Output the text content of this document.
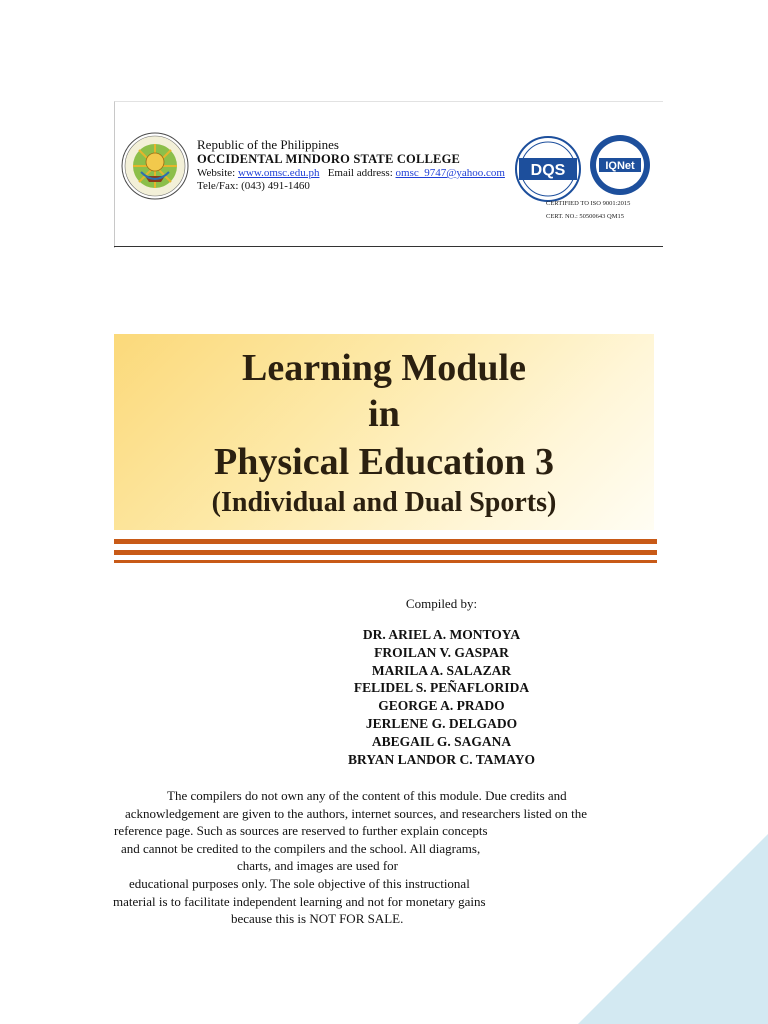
Republic of the Philippines
OCCIDENTAL MINDORO STATE COLLEGE
Website: www.omsc.edu.ph Email address: omsc_9747@yahoo.com
Tele/Fax: (043) 491-1460
DQS	IQNet
CERTIFIED TO ISO 9001:2015
CERT. NO.: 50500643 QM15
Learning Module
in
Physical Education 3
(Individual and Dual Sports)
Compiled by:
DR. ARIEL A. MONTOYA
FROILAN V. GASPAR
MARILA A. SALAZAR
FELIDEL S. PEÑAFLORIDA
GEORGE A. PRADO
JERLENE G. DELGADO
ABEGAIL G. SAGANA
BRYAN LANDOR C. TAMAYO
The compilers do not own any of the content of this module. Due credits and
acknowledgement are given to the authors, internet sources, and researchers listed on the
reference page. Such as sources are reserved to further explain concepts
and cannot be credited to the compilers and the school. All diagrams,
charts, and images are used for
educational purposes only. The sole objective of this instructional
material is to facilitate independent learning and not for monetary gains
because this is NOT FOR SALE.
